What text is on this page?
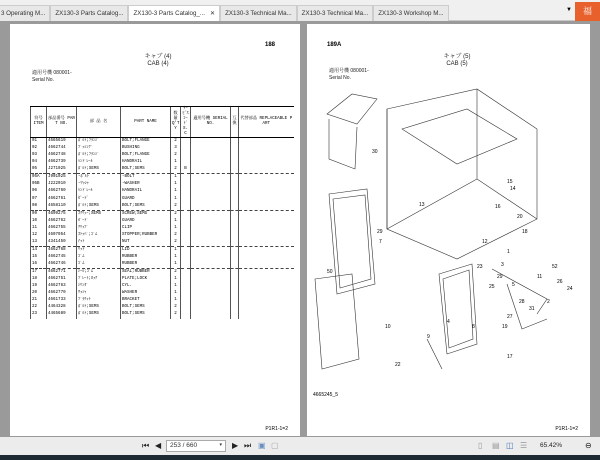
3 Operating M...	ZX130-3 Parts Catalog...	ZX130-3 Parts Catalog_... ✕	ZX130-3 Technical Ma...	ZX130-3 Technical Ma...	ZX130-3 Workshop M...	▼	福
188
キャブ (4)
CAB (4)
適用号機 080001-
Serial No.
符号 ITEM	部品番号 PART NO.	部 品 名	PART NAME	数量 Q'TY	ｻｰﾋﾞｽ ｺｰﾄﾞ S.C	適用号機 SERIAL NO.	互換	代替部品 REPLACEABLE PART
01	4665619	ﾎﾞﾙﾄ;ﾌﾗﾝｼﾞ	BOLT;FLANGE	2				
02	4662744	ﾌﾞｯｼﾝｸﾞ	BUSHING	3				
03	4662748	ﾎﾞﾙﾄ;ﾌﾗﾝｼﾞ	BOLT;FLANGE	2				
04	4662739	ﾊﾝﾄﾞﾚｰﾙ	HANDRAIL	1				
05	J271025	ﾎﾞﾙﾄ;SEMS	BOLT;SEMS	2	B			
05A	J901025	-ﾎﾞﾙﾄ	-BOLT	1				
05B	J222010	-ﾜｯｼｬ	-WASHER	1				
06	4662760	ﾊﾝﾄﾞﾚｰﾙ	HANDRAIL	1				
07	4662761	ｶﾞｰﾄﾞ	GUARD	1				
08	4658110	ﾎﾞﾙﾄ;SEMS	BOLT;SEMS	2				
09	4609275	ｽｸﾘｭｰ;SEMS	SCREW;SEMS	2				
10	4662762	ｶﾞｰﾄﾞ	GUARD	1				
11	4662755	ｸﾘｯﾌﾟ	CLIP	1				
12	4607054	ｽﾄｯﾊﾟ;ｺﾞﾑ	STOPPER;RUBBER	2				
13	4341450	ﾅｯﾄ	NUT	2				
14	4662768	ﾘｯﾄﾞ	LID	1				
15	4662745	ｺﾞﾑ	RUBBER	1				
16	4662746	ｺﾞﾑ	RUBBER	1				
17	4662771	ｼｰﾙ;ｺﾞﾑ	SEAL;RUBBER	2				
18	4662751	ﾌﾟﾚｰﾄ;ﾛｯｸ	PLATE;LOCK	1				
19	4662763	ｼﾘﾝﾀﾞ	CYL.	1				
20	4662770	ﾜｯｼｬ	WASHER	1				
21	4661733	ﾌﾞﾗｹｯﾄ	BRACKET	1				
22	4464328	ﾎﾞﾙﾄ;SEMS	BOLT;SEMS	2				
23	4465689	ﾎﾞﾙﾄ;SEMS	BOLT;SEMS	2				
P1R1-1=2
189A
キャブ (5)
CAB (5)
適用号機 080001-
Serial No.
50
7
29
30
13
15
14
16
20
18
12
52
26
1
3
29
5
28
27
31
19
17
10
9
4
8
2
11
24
23
25
22
4665245_5
P1R1-1=2
⏮ ◀	253 / 660	▾ ▶ ⏭ ▣ ▢	▯ ▤ ◫ ☰ 65.42%	⊖
